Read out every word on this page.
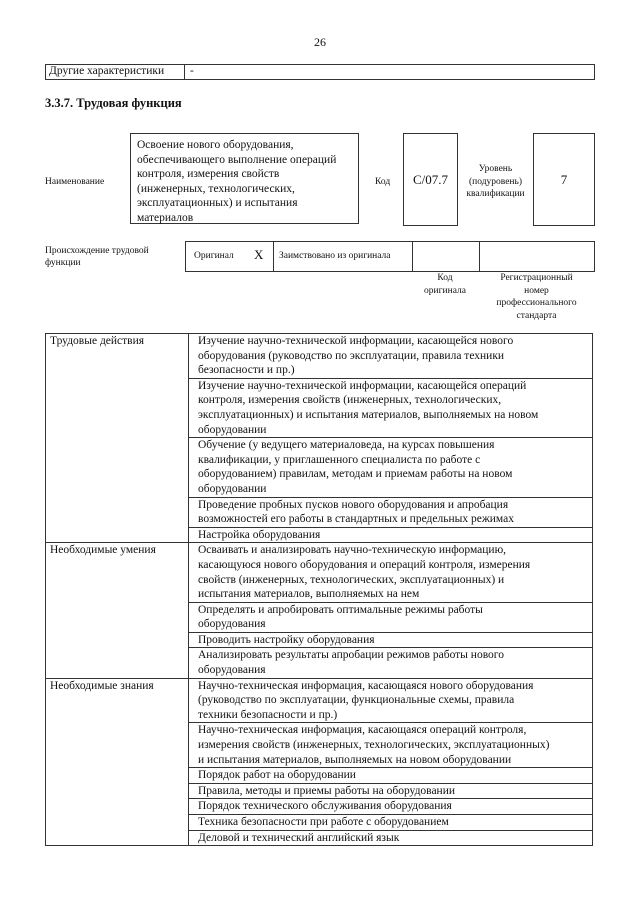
26
Другие характеристики -
3.3.7. Трудовая функция
Наименование
Освоение нового оборудования,
обеспечивающего выполнение операций
контроля, измерения свойств
(инженерных, технологических,
эксплуатационных) и испытания
материалов
Код	C/07.7
Уровень
(подуровень)
квалификации
7
Происхождение трудовой
функции
Оригинал X Заимствовано из оригинала
Код
оригинала
Регистрационный
номер
профессионального
стандарта
Трудовые действия	Изучение научно-технической информации, касающейся нового
оборудования (руководство по эксплуатации, правила техники
безопасности и пр.)

	Изучение научно-технической информации, касающейся операций
контроля, измерения свойств (инженерных, технологических,
эксплуатационных) и испытания материалов, выполняемых на новом
оборудовании

	Обучение (у ведущего материаловеда, на курсах повышения
квалификации, у приглашенного специалиста по работе с
оборудованием) правилам, методам и приемам работы на новом
оборудовании

	Проведение пробных пусков нового оборудования и апробация
возможностей его работы в стандартных и предельных режимах

	Настройка оборудования

Необходимые умения	Осваивать и анализировать научно-техническую информацию,
касающуюся нового оборудования и операций контроля, измерения
свойств (инженерных, технологических, эксплуатационных) и
испытания материалов, выполняемых на нем

	Определять и апробировать оптимальные режимы работы
оборудования

	Проводить настройку оборудования

	Анализировать результаты апробации режимов работы нового
оборудования

Необходимые знания	Научно-техническая информация, касающаяся нового оборудования
(руководство по эксплуатации, функциональные схемы, правила
техники безопасности и пр.)

	Научно-техническая информация, касающаяся операций контроля,
измерения свойств (инженерных, технологических, эксплуатационных)
и испытания материалов, выполняемых на новом оборудовании

	Порядок работ на оборудовании

	Правила, методы и приемы работы на оборудовании

	Порядок технического обслуживания оборудования

	Техника безопасности при работе с оборудованием

	Деловой и технический английский язык
